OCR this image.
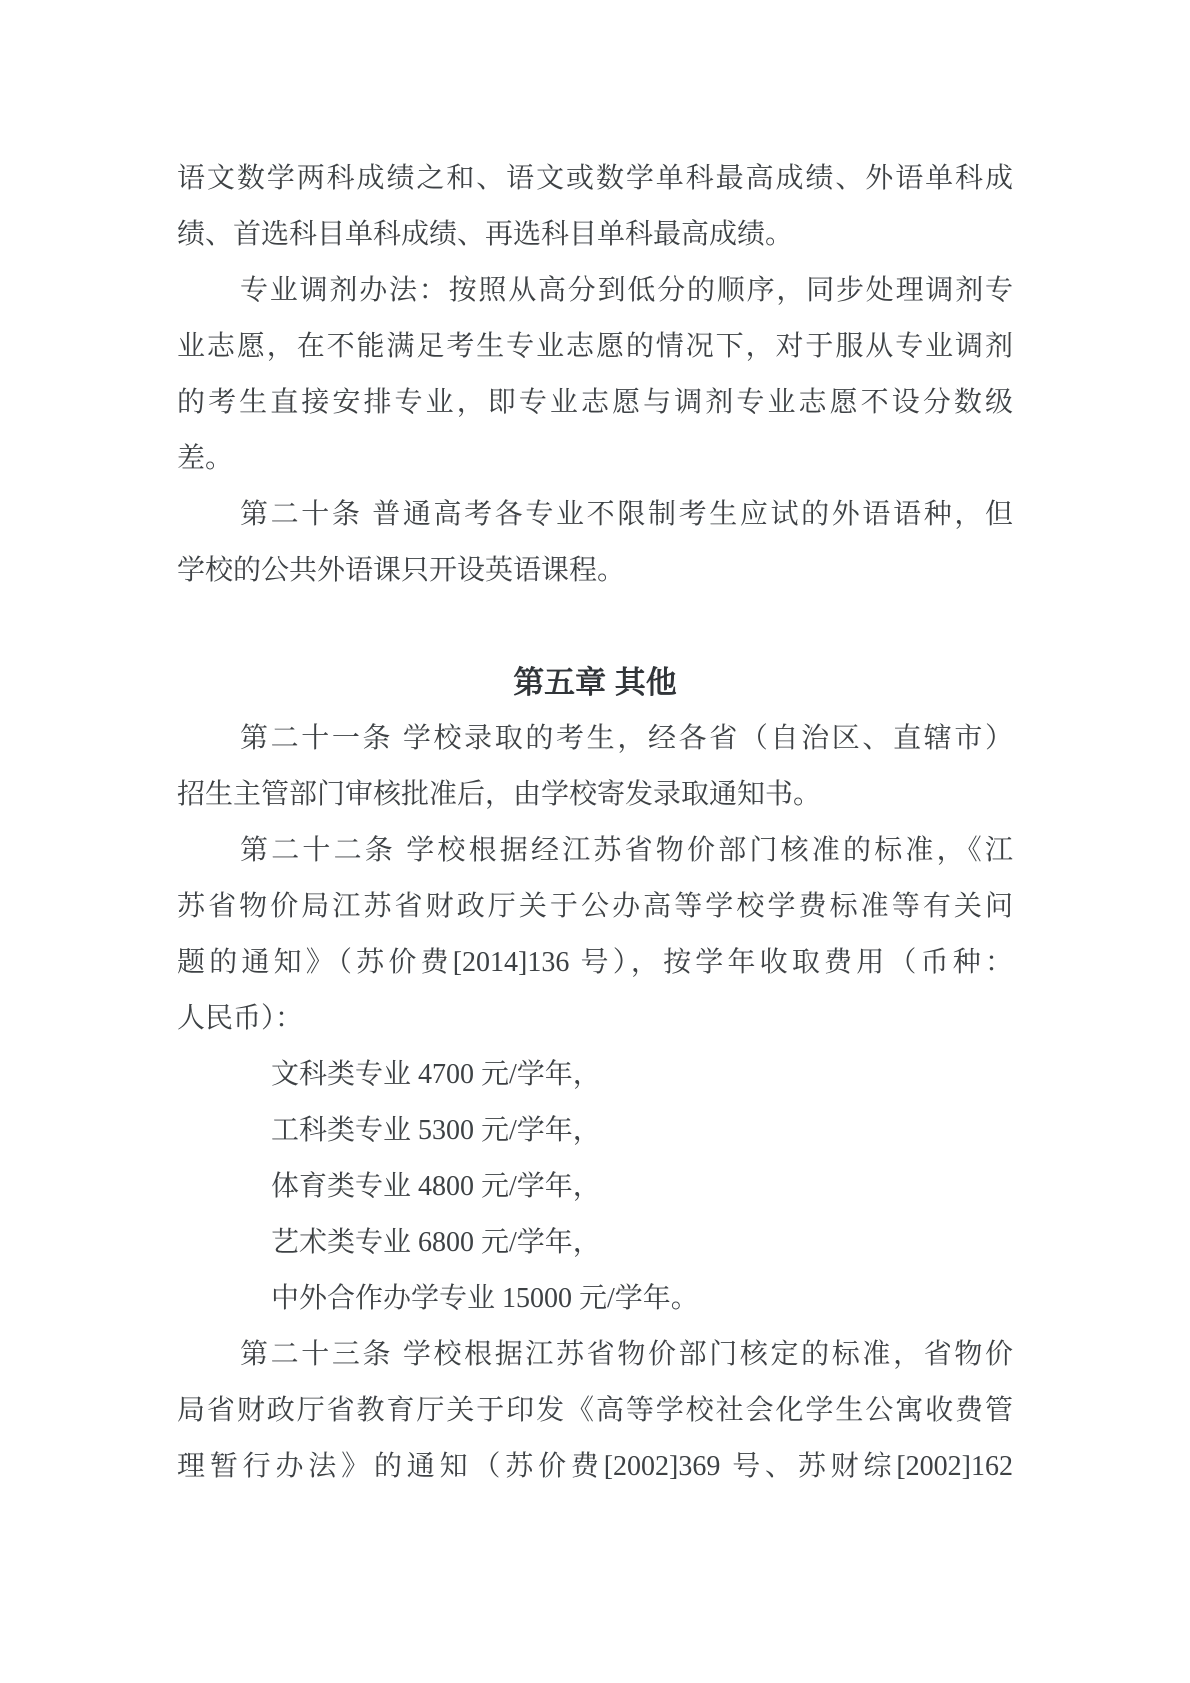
语文数学两科成绩之和、语文或数学单科最高成绩、外语单科成
绩、首选科目单科成绩、再选科目单科最高成绩。
专业调剂办法：按照从高分到低分的顺序，同步处理调剂专
业志愿，在不能满足考生专业志愿的情况下，对于服从专业调剂
的考生直接安排专业，即专业志愿与调剂专业志愿不设分数级
差。
第二十条 普通高考各专业不限制考生应试的外语语种，但
学校的公共外语课只开设英语课程。
第五章 其他
第二十一条 学校录取的考生，经各省（自治区、直辖市）
招生主管部门审核批准后，由学校寄发录取通知书。
第二十二条 学校根据经江苏省物价部门核准的标准，《江
苏省物价局江苏省财政厅关于公办高等学校学费标准等有关问
题的通知》（苏价费[2014]136 号），按学年收取费用（币种：
人民币）：
文科类专业 4700 元/学年，
工科类专业 5300 元/学年，
体育类专业 4800 元/学年，
艺术类专业 6800 元/学年，
中外合作办学专业 15000 元/学年。
第二十三条 学校根据江苏省物价部门核定的标准，省物价
局省财政厅省教育厅关于印发《高等学校社会化学生公寓收费管
理暂行办法》的通知（苏价费[2002]369 号、苏财综[2002]162
